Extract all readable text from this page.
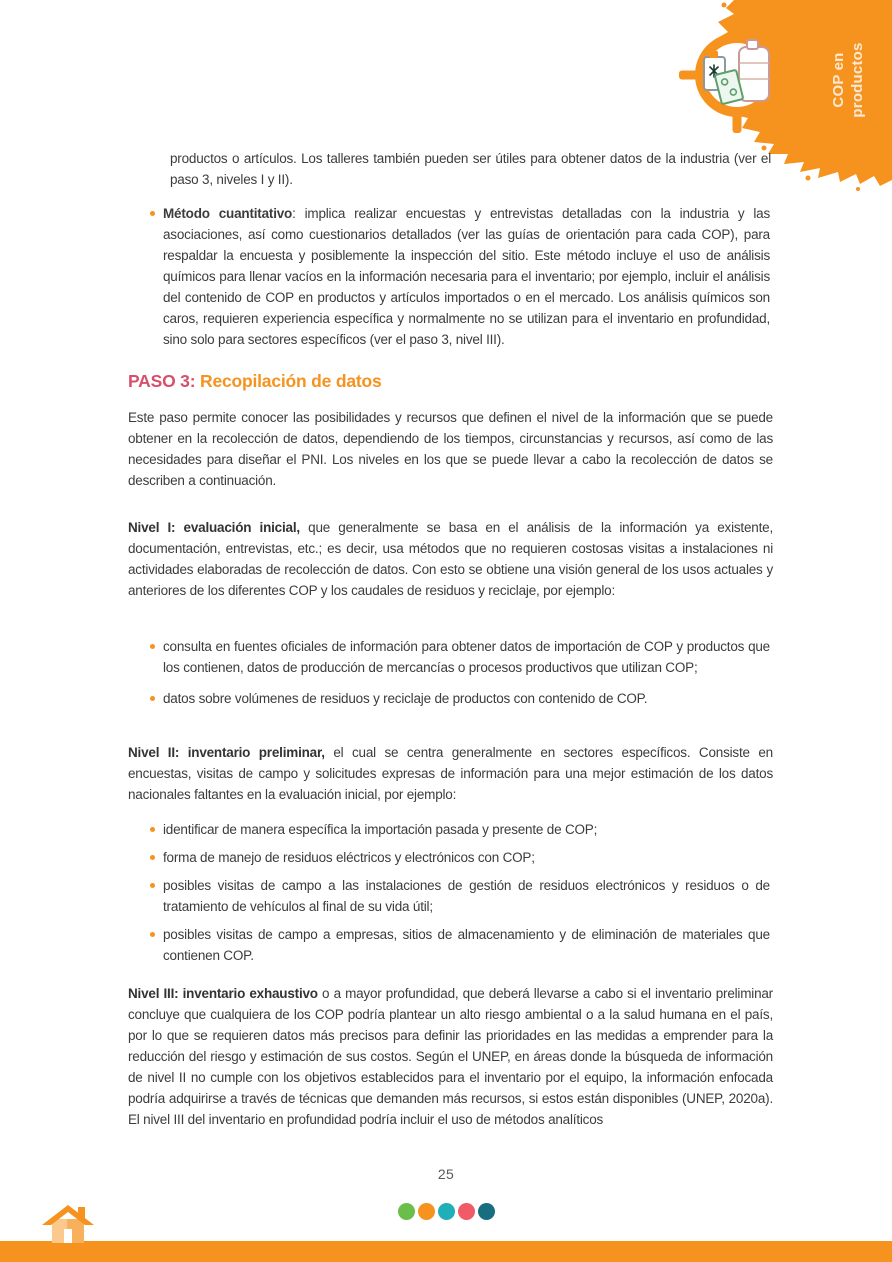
COP en productos

productos o artículos. Los talleres también pueden ser útiles para obtener datos de la industria (ver el paso 3, niveles I y II).

Método cuantitativo: implica realizar encuestas y entrevistas detalladas con la industria y las asociaciones, así como cuestionarios detallados (ver las guías de orientación para cada COP), para respaldar la encuesta y posiblemente la inspección del sitio. Este método incluye el uso de análisis químicos para llenar vacíos en la información necesaria para el inventario; por ejemplo, incluir el análisis del contenido de COP en productos y artículos importados o en el mercado. Los análisis químicos son caros, requieren experiencia específica y normalmente no se utilizan para el inventario en profundidad, sino solo para sectores específicos (ver el paso 3, nivel III).
PASO 3: Recopilación de datos

Este paso permite conocer las posibilidades y recursos que definen el nivel de la información que se puede obtener en la recolección de datos, dependiendo de los tiempos, circunstancias y recursos, así como de las necesidades para diseñar el PNI. Los niveles en los que se puede llevar a cabo la recolección de datos se describen a continuación.

Nivel I: evaluación inicial, que generalmente se basa en el análisis de la información ya existente, documentación, entrevistas, etc.; es decir, usa métodos que no requieren costosas visitas a instalaciones ni actividades elaboradas de recolección de datos. Con esto se obtiene una visión general de los usos actuales y anteriores de los diferentes COP y los caudales de residuos y reciclaje, por ejemplo:

consulta en fuentes oficiales de información para obtener datos de importación de COP y productos que los contienen, datos de producción de mercancías o procesos productivos que utilizan COP;
datos sobre volúmenes de residuos y reciclaje de productos con contenido de COP.

Nivel II: inventario preliminar, el cual se centra generalmente en sectores específicos. Consiste en encuestas, visitas de campo y solicitudes expresas de información para una mejor estimación de los datos nacionales faltantes en la evaluación inicial, por ejemplo:

identificar de manera específica la importación pasada y presente de COP;
forma de manejo de residuos eléctricos y electrónicos con COP;
posibles visitas de campo a las instalaciones de gestión de residuos electrónicos y residuos o de tratamiento de vehículos al final de su vida útil;
posibles visitas de campo a empresas, sitios de almacenamiento y de eliminación de materiales que contienen COP.

Nivel III: inventario exhaustivo o a mayor profundidad, que deberá llevarse a cabo si el inventario preliminar concluye que cualquiera de los COP podría plantear un alto riesgo ambiental o a la salud humana en el país, por lo que se requieren datos más precisos para definir las prioridades en las medidas a emprender para la reducción del riesgo y estimación de sus costos. Según el UNEP, en áreas donde la búsqueda de información de nivel II no cumple con los objetivos establecidos para el inventario por el equipo, la información enfocada podría adquirirse a través de técnicas que demanden más recursos, si estos están disponibles (UNEP, 2020a). El nivel III del inventario en profundidad podría incluir el uso de métodos analíticos

25
